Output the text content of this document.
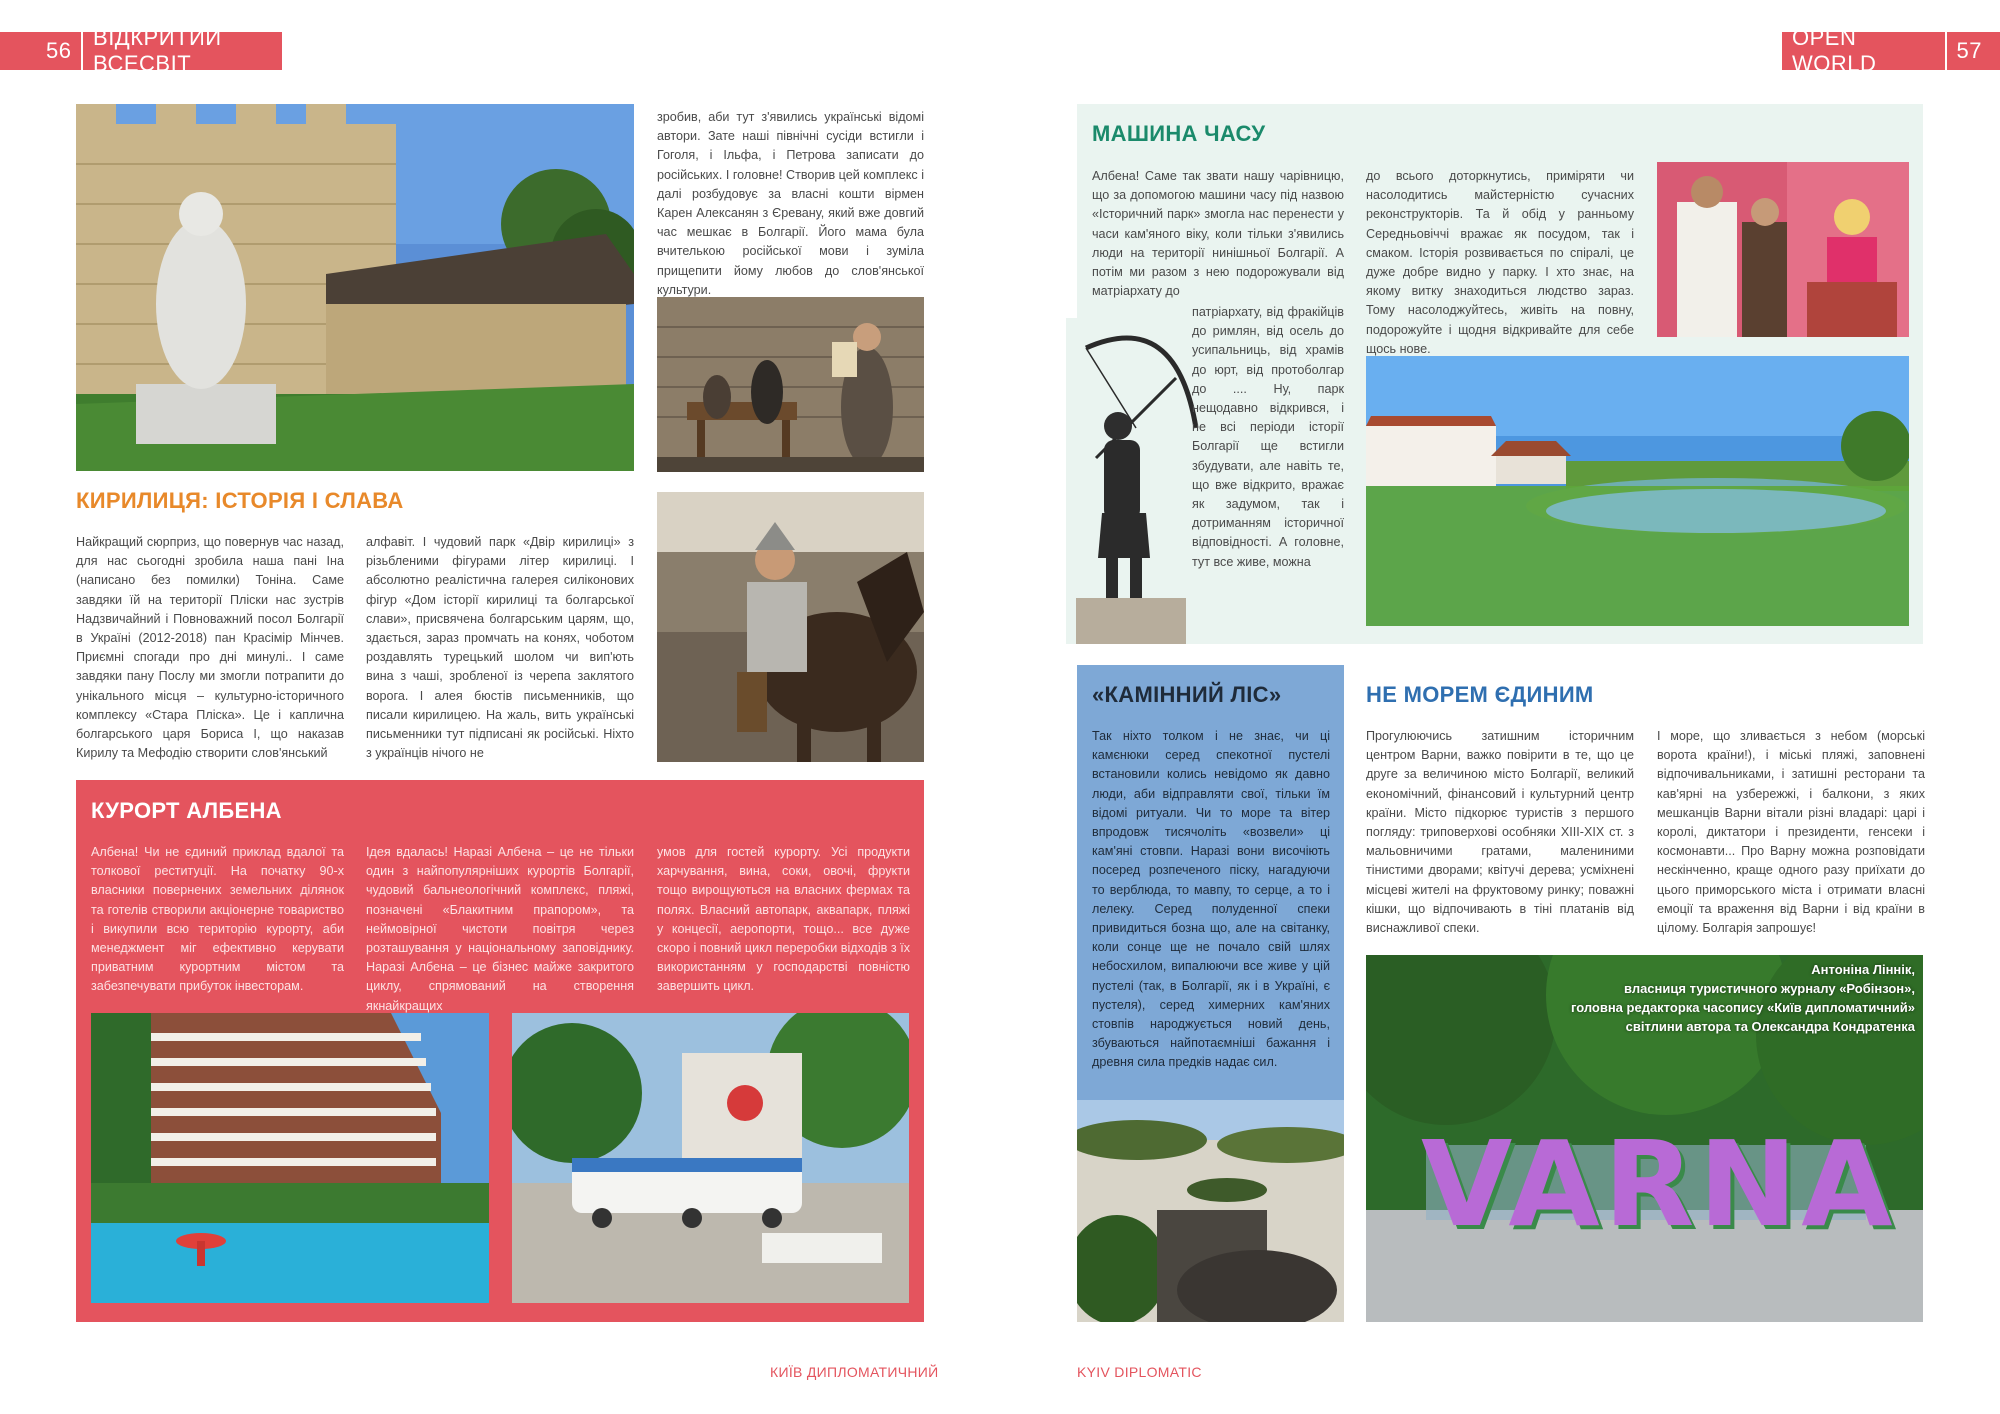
56
ВІДКРИТИЙ ВСЕСВІТ
OPEN WORLD
57
КИРИЛИЦЯ: ІСТОРІЯ І СЛАВА
Найкращий сюрприз, що повернув час назад, для нас сьогодні зробила наша пані Іна (написано без помилки) Тоніна. Саме завдяки їй на території Пліски нас зустрів Надзвичайний і Повноважний посол Болгарії в Україні (2012-2018) пан Красімір Мінчев. Приємні спогади про дні минулі.. І саме завдяки пану Послу ми змогли потрапити до унікального місця – культурно-історичного комплексу «Стара Пліска». Це і каплична болгарського царя Бориса І, що наказав Кирилу та Мефодію створити слов'янський
алфавіт. І чудовий парк «Двір кирилиці» з різьбленими фігурами літер кирилиці. І абсолютно реалістична галерея силіконових фігур «Дом історії кирилиці та болгарської слави», присвячена болгарським царям, що, здається, зараз промчать на конях, чоботом роздавлять турецький шолом чи вип'ють вина з чаші, зробленої із черепа заклятого ворога. І алея бюстів письменників, що писали кирилицею. На жаль, вить українські письменники тут підписані як російські. Ніхто з українців нічого не
зробив, аби тут з'явились українські відомі автори. Зате наші північні сусіди встигли і Гоголя, і Ільфа, і Петрова записати до російських. І головне! Створив цей комплекс і далі розбудовує за власні кошти вірмен Карен Алексанян з Єревану, який вже довгий час мешкає в Болгарії. Його мама була вчителькою російської мови і зуміла прищепити йому любов до слов'янської культури.
КУРОРТ АЛБЕНА
Албена! Чи не єдиний приклад вдалої та толкової реституції. На початку 90-х власники повернених земельних ділянок та готелів створили акціонерне товариство і викупили всю територію курорту, аби менеджмент міг ефективно керувати приватним курортним містом та забезпечувати прибуток інвесторам.
Ідея вдалась! Наразі Албена – це не тільки один з найпопулярніших курортів Болгарії, чудовий бальнеологічний комплекс, пляжі, позначені «Блакитним прапором», та неймовірної чистоти повітря через розташування у національному заповіднику. Наразі Албена – це бізнес майже закритого циклу, спрямований на створення якнайкращих
умов для гостей курорту. Усі продукти харчування, вина, соки, овочі, фрукти тощо вирощуються на власних фермах та полях. Власний автопарк, аквапарк, пляжі у концесії, аеропорти, тощо... все дуже скоро і повний цикл переробки відходів з їх використанням у господарстві повністю завершить цикл.
КИЇВ ДИПЛОМАТИЧНИЙ
МАШИНА ЧАСУ
Албена! Саме так звати нашу чарівницю, що за допомогою машини часу під назвою «Історичний парк» змогла нас перенести у часи кам'яного віку, коли тільки з'явились люди на території нинішньої Болгарії. А потім ми разом з нею подорожували від матріархату до
патріархату, від фракійців до римлян, від осель до усипальниць, від храмів до юрт, від протоболгар до .... Ну, парк нещодавно відкрився, і не всі періоди історії Болгарії ще встигли збудувати, але навіть те, що вже відкрито, вражає як задумом, так і дотриманням історичної відповідності. А головне, тут все живе, можна
до всього доторкнутись, приміряти чи насолодитись майстерністю сучасних реконструкторів. Та й обід у ранньому Середньовіччі вражає як посудом, так і смаком. Історія розвивається по спіралі, це дуже добре видно у парку. І хто знає, на якому витку знаходиться людство зараз. Тому насолоджуйтесь, живіть на повну, подорожуйте і щодня відкривайте для себе щось нове.
«КАМІННИЙ ЛІС»
Так ніхто толком і не знає, чи ці камєнюки серед спекотної пустелі встановили колись невідомо як давно люди, аби відправляти свої, тільки їм відомі ритуали. Чи то море та вітер впродовж тисячоліть «возвели» ці кам'яні стовпи. Наразі вони височіють посеред розпеченого піску, нагадуючи то верблюда, то мавпу, то серце, а то і лелеку. Серед полуденної спеки привидиться бозна що, але на світанку, коли сонце ще не почало свій шлях небосхилом, випалюючи все живе у цій пустелі (так, в Болгарії, як і в Україні, є пустеля), серед химерних кам'яних стовпів народжується новий день, збуваються найпотаємніші бажання і древня сила предків надає сил.
НЕ МОРЕМ ЄДИНИМ
Прогулюючись затишним історичним центром Варни, важко повірити в те, що це друге за величиною місто Болгарії, великий економічний, фінансовий і культурний центр країни. Місто підкорює туристів з першого погляду: триповерхові особняки XIII-XIX ст. з мальовничими гратами, малениними тінистими дворами; квітучі дерева; усміхнені місцеві жителі на фруктовому ринку; поважні кішки, що відпочивають в тіні платанів від виснажливої спеки.
І море, що зливається з небом (морські ворота країни!), і міські пляжі, заповнені відпочивальниками, і затишні ресторани та кав'ярні на узбережжі, і балкони, з яких мешканців Варни вітали різні владарі: царі і королі, диктатори і президенти, генсеки і космонавти... Про Варну можна розповідати нескінченно, краще одного разу приїхати до цього приморського міста і отримати власні емоції та враження від Варни і від країни в цілому. Болгарія запрошує!
VARNA
Антоніна Ліннік,
власниця туристичного журналу «Робінзон»,
головна редакторка часопису «Київ дипломатичний»
світлини автора та Олександра Кондратенка
KYIV DIPLOMATIC
